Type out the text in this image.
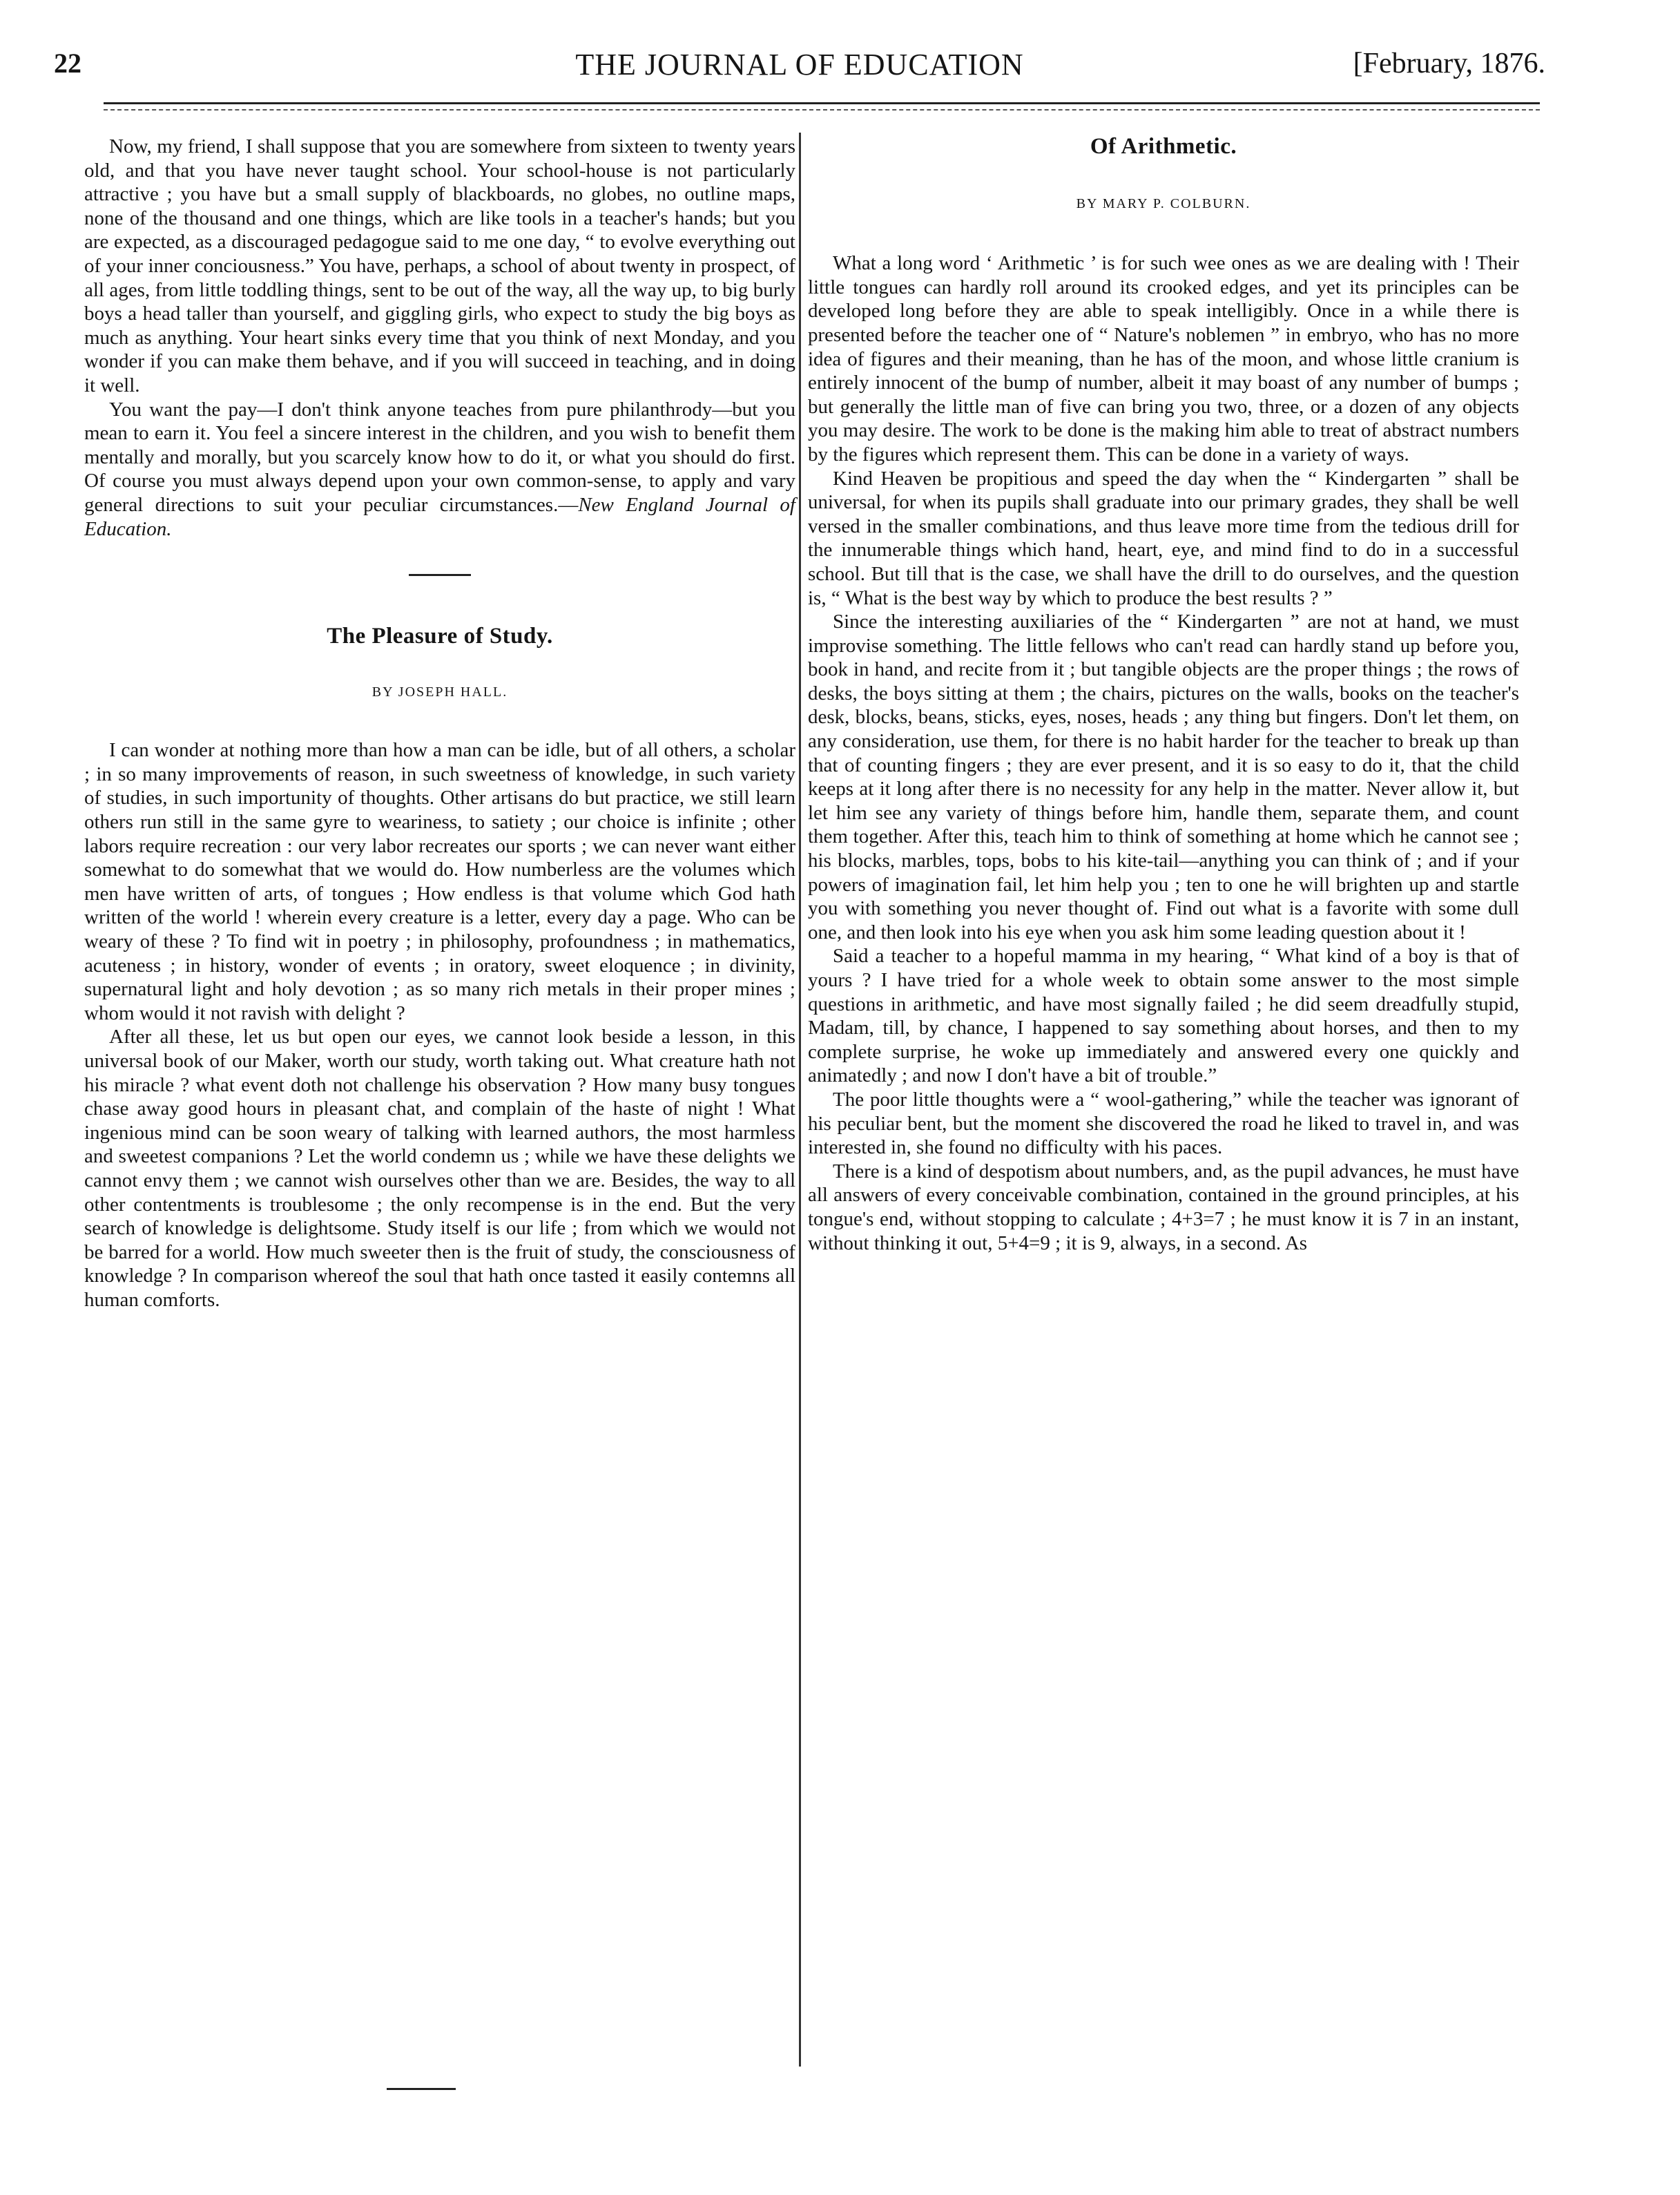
22	THE JOURNAL OF EDUCATION	[February, 1876.

Now, my friend, I shall suppose that you are somewhere from sixteen to twenty years old, and that you have never taught school. Your school-house is not particularly attractive ; you have but a small supply of blackboards, no globes, no outline maps, none of the thousand and one things, which are like tools in a teacher's hands; but you are expected, as a discouraged pedagogue said to me one day, “ to evolve everything out of your inner conciousness.” You have, perhaps, a school of about twenty in prospect, of all ages, from little toddling things, sent to be out of the way, all the way up, to big burly boys a head taller than yourself, and giggling girls, who expect to study the big boys as much as anything. Your heart sinks every time that you think of next Monday, and you wonder if you can make them behave, and if you will succeed in teaching, and in doing it well.

You want the pay—I don't think anyone teaches from pure philanthrody—but you mean to earn it. You feel a sincere interest in the children, and you wish to benefit them mentally and morally, but you scarcely know how to do it, or what you should do first. Of course you must always depend upon your own common-sense, to apply and vary general directions to suit your peculiar circumstances.—New England Journal of Education.

The Pleasure of Study.

BY JOSEPH HALL.

I can wonder at nothing more than how a man can be idle, but of all others, a scholar ; in so many improvements of reason, in such sweetness of knowledge, in such variety of studies, in such importunity of thoughts. Other artisans do but practice, we still learn others run still in the same gyre to weariness, to satiety ; our choice is infinite ; other labors require recreation : our very labor recreates our sports ; we can never want either somewhat to do somewhat that we would do. How numberless are the volumes which men have written of arts, of tongues ; How endless is that volume which God hath written of the world ! wherein every creature is a letter, every day a page. Who can be weary of these ? To find wit in poetry ; in philosophy, profoundness ; in mathematics, acuteness ; in history, wonder of events ; in oratory, sweet eloquence ; in divinity, supernatural light and holy devotion ; as so many rich metals in their proper mines ; whom would it not ravish with delight ?

After all these, let us but open our eyes, we cannot look beside a lesson, in this universal book of our Maker, worth our study, worth taking out. What creature hath not his miracle ? what event doth not challenge his observation ? How many busy tongues chase away good hours in pleasant chat, and complain of the haste of night ! What ingenious mind can be soon weary of talking with learned authors, the most harmless and sweetest companions ? Let the world condemn us ; while we have these delights we cannot envy them ; we cannot wish ourselves other than we are. Besides, the way to all other contentments is troublesome ; the only recompense is in the end. But the very search of knowledge is delightsome. Study itself is our life ; from which we would not be barred for a world. How much sweeter then is the fruit of study, the consciousness of knowledge ? In comparison whereof the soul that hath once tasted it easily contemns all human comforts.

Of Arithmetic.

BY MARY P. COLBURN.

What a long word ‘ Arithmetic ’ is for such wee ones as we are dealing with ! Their little tongues can hardly roll around its crooked edges, and yet its principles can be developed long before they are able to speak intelligibly. Once in a while there is presented before the teacher one of “ Nature's noblemen ” in embryo, who has no more idea of figures and their meaning, than he has of the moon, and whose little cranium is entirely innocent of the bump of number, albeit it may boast of any number of bumps ; but generally the little man of five can bring you two, three, or a dozen of any objects you may desire. The work to be done is the making him able to treat of abstract numbers by the figures which represent them. This can be done in a variety of ways.

Kind Heaven be propitious and speed the day when the “ Kindergarten ” shall be universal, for when its pupils shall graduate into our primary grades, they shall be well versed in the smaller combinations, and thus leave more time from the tedious drill for the innumerable things which hand, heart, eye, and mind find to do in a successful school. But till that is the case, we shall have the drill to do ourselves, and the question is, “ What is the best way by which to produce the best results ? ”

Since the interesting auxiliaries of the “ Kindergarten ” are not at hand, we must improvise something. The little fellows who can't read can hardly stand up before you, book in hand, and recite from it ; but tangible objects are the proper things ; the rows of desks, the boys sitting at them ; the chairs, pictures on the walls, books on the teacher's desk, blocks, beans, sticks, eyes, noses, heads ; any thing but fingers. Don't let them, on any consideration, use them, for there is no habit harder for the teacher to break up than that of counting fingers ; they are ever present, and it is so easy to do it, that the child keeps at it long after there is no necessity for any help in the matter. Never allow it, but let him see any variety of things before him, handle them, separate them, and count them together. After this, teach him to think of something at home which he cannot see ; his blocks, marbles, tops, bobs to his kite-tail—anything you can think of ; and if your powers of imagination fail, let him help you ; ten to one he will brighten up and startle you with something you never thought of. Find out what is a favorite with some dull one, and then look into his eye when you ask him some leading question about it !

Said a teacher to a hopeful mamma in my hearing, “ What kind of a boy is that of yours ? I have tried for a whole week to obtain some answer to the most simple questions in arithmetic, and have most signally failed ; he did seem dreadfully stupid, Madam, till, by chance, I happened to say something about horses, and then to my complete surprise, he woke up immediately and answered every one quickly and animatedly ; and now I don't have a bit of trouble.”

The poor little thoughts were a “ wool-gathering,” while the teacher was ignorant of his peculiar bent, but the moment she discovered the road he liked to travel in, and was interested in, she found no difficulty with his paces.

There is a kind of despotism about numbers, and, as the pupil advances, he must have all answers of every conceivable combination, contained in the ground principles, at his tongue's end, without stopping to calculate ; 4+3=7 ; he must know it is 7 in an instant, without thinking it out, 5+4=9 ; it is 9, always, in a second. As
